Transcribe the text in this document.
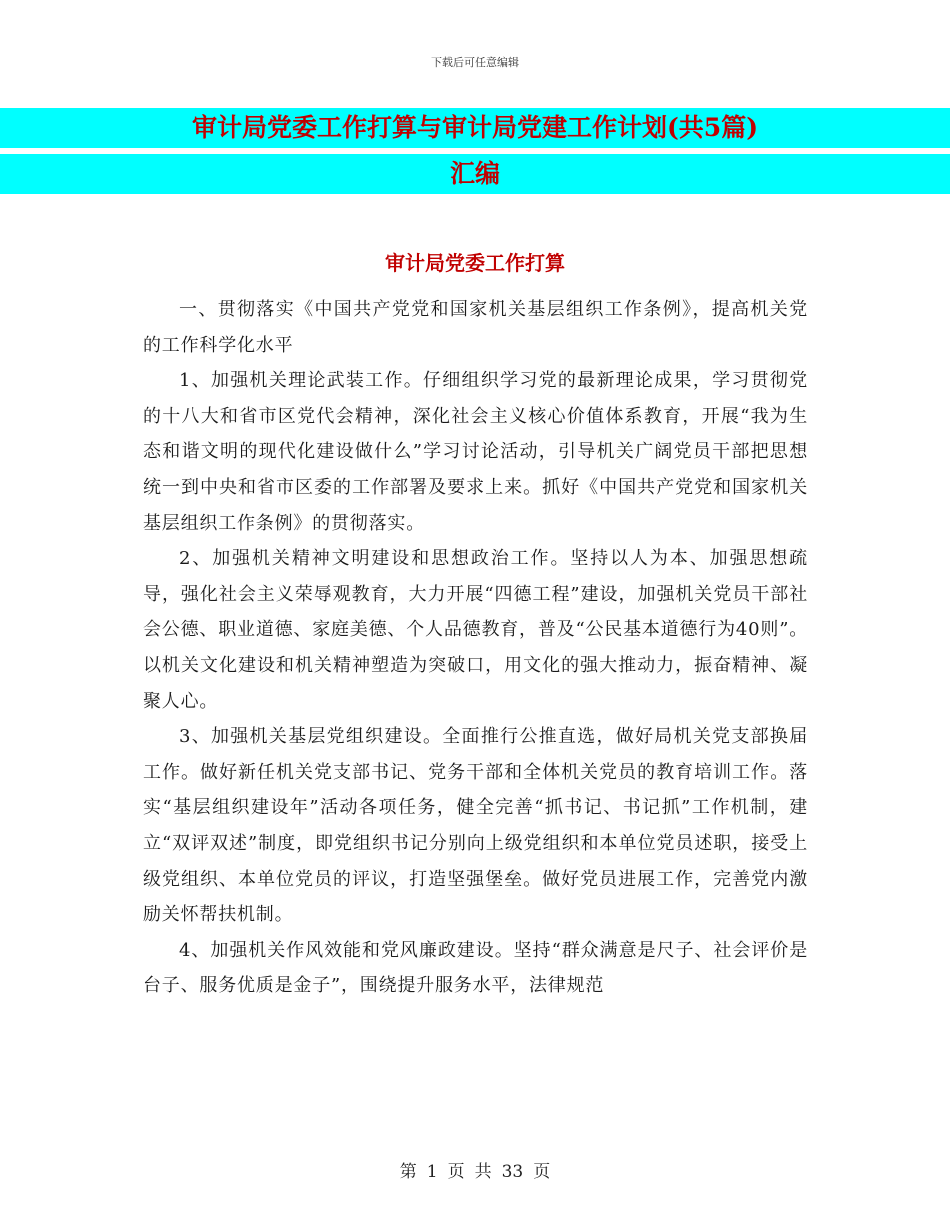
下载后可任意编辑
审计局党委工作打算与审计局党建工作计划(共5篇)
汇编
审计局党委工作打算

一、贯彻落实《中国共产党党和国家机关基层组织工作条例》，提高机关党的工作科学化水平

1、加强机关理论武装工作。仔细组织学习党的最新理论成果，学习贯彻党的十八大和省市区党代会精神，深化社会主义核心价值体系教育，开展“我为生态和谐文明的现代化建设做什么”学习讨论活动，引导机关广阔党员干部把思想统一到中央和省市区委的工作部署及要求上来。抓好《中国共产党党和国家机关基层组织工作条例》的贯彻落实。

2、加强机关精神文明建设和思想政治工作。坚持以人为本、加强思想疏导，强化社会主义荣辱观教育，大力开展“四德工程”建设，加强机关党员干部社会公德、职业道德、家庭美德、个人品德教育，普及“公民基本道德行为40则”。以机关文化建设和机关精神塑造为突破口，用文化的强大推动力，振奋精神、凝聚人心。

3、加强机关基层党组织建设。全面推行公推直选，做好局机关党支部换届工作。做好新任机关党支部书记、党务干部和全体机关党员的教育培训工作。落实“基层组织建设年”活动各项任务，健全完善“抓书记、书记抓”工作机制，建立“双评双述”制度，即党组织书记分别向上级党组织和本单位党员述职，接受上级党组织、本单位党员的评议，打造坚强堡垒。做好党员进展工作，完善党内激励关怀帮扶机制。

4、加强机关作风效能和党风廉政建设。坚持“群众满意是尺子、社会评价是台子、服务优质是金子”，围绕提升服务水平，法律规范

第 1 页 共 33 页
